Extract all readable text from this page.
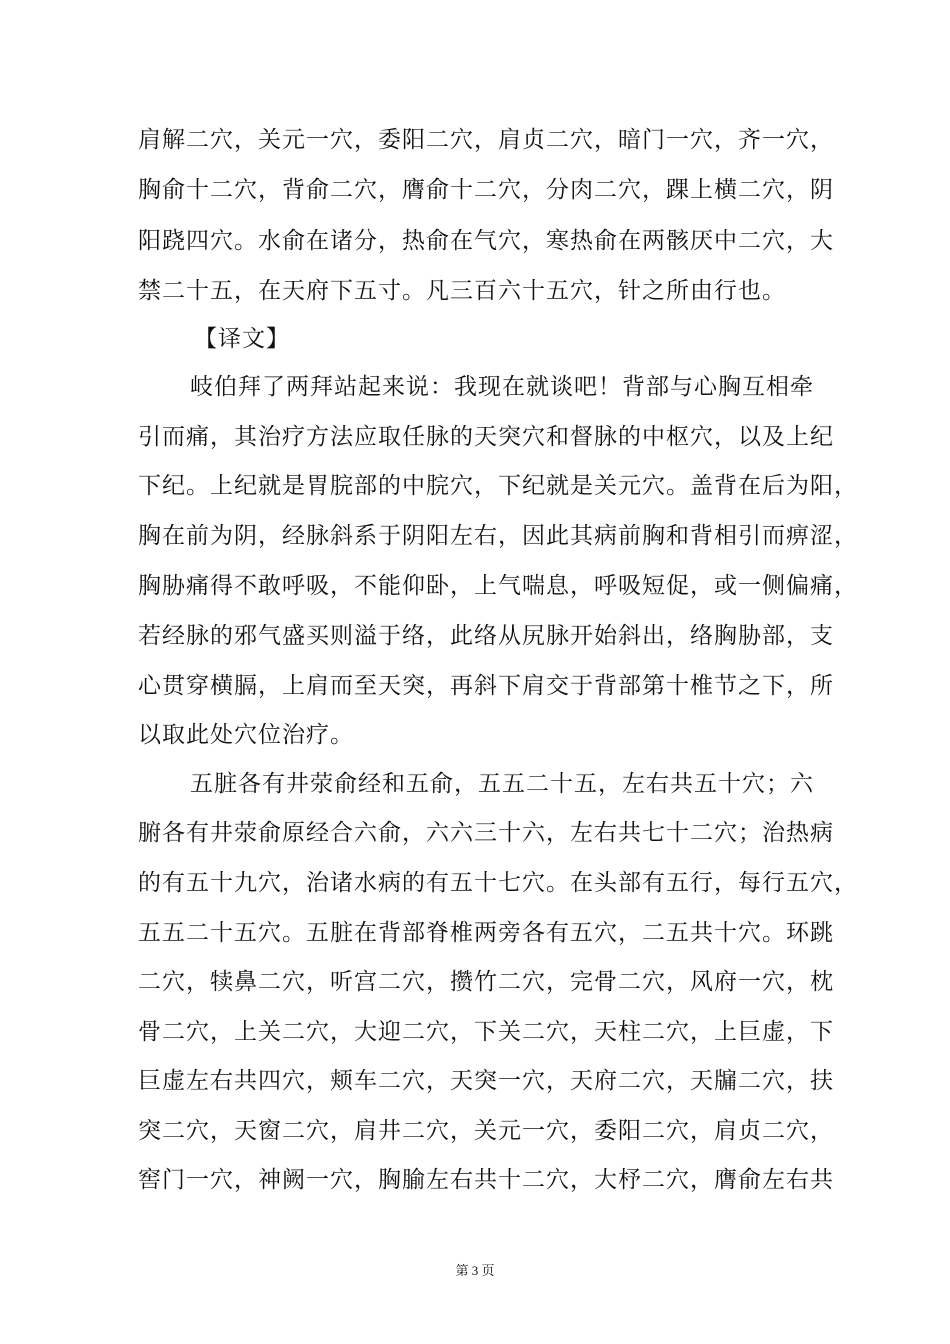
肩解二穴，关元一穴，委阳二穴，肩贞二穴，暗门一穴，齐一穴，
胸俞十二穴，背俞二穴，膺俞十二穴，分肉二穴，踝上横二穴，阴
阳跷四穴。水俞在诸分，热俞在气穴，寒热俞在两骸厌中二穴，大
禁二十五，在天府下五寸。凡三百六十五穴，针之所由行也。
【译文】
岐伯拜了两拜站起来说：我现在就谈吧！背部与心胸互相牵
引而痛，其治疗方法应取任脉的天突穴和督脉的中枢穴，以及上纪
下纪。上纪就是胃脘部的中脘穴，下纪就是关元穴。盖背在后为阳，
胸在前为阴，经脉斜系于阴阳左右，因此其病前胸和背相引而痹涩，
胸胁痛得不敢呼吸，不能仰卧，上气喘息，呼吸短促，或一侧偏痛，
若经脉的邪气盛买则溢于络，此络从尻脉开始斜出，络胸胁部，支
心贯穿横膈，上肩而至天突，再斜下肩交于背部第十椎节之下，所
以取此处穴位治疗。
五脏各有井荥俞经和五俞，五五二十五，左右共五十穴；六
腑各有井荥俞原经合六俞，六六三十六，左右共七十二穴；治热病
的有五十九穴，治诸水病的有五十七穴。在头部有五行，每行五穴，
五五二十五穴。五脏在背部脊椎两旁各有五穴，二五共十穴。环跳
二穴，犊鼻二穴，听宫二穴，攒竹二穴，完骨二穴，风府一穴，枕
骨二穴，上关二穴，大迎二穴，下关二穴，天柱二穴，上巨虚，下
巨虚左右共四穴，颊车二穴，天突一穴，天府二穴，天牖二穴，扶
突二穴，天窗二穴，肩井二穴，关元一穴，委阳二穴，肩贞二穴，
窖门一穴，神阙一穴，胸腧左右共十二穴，大杼二穴，膺俞左右共
第 3 页
